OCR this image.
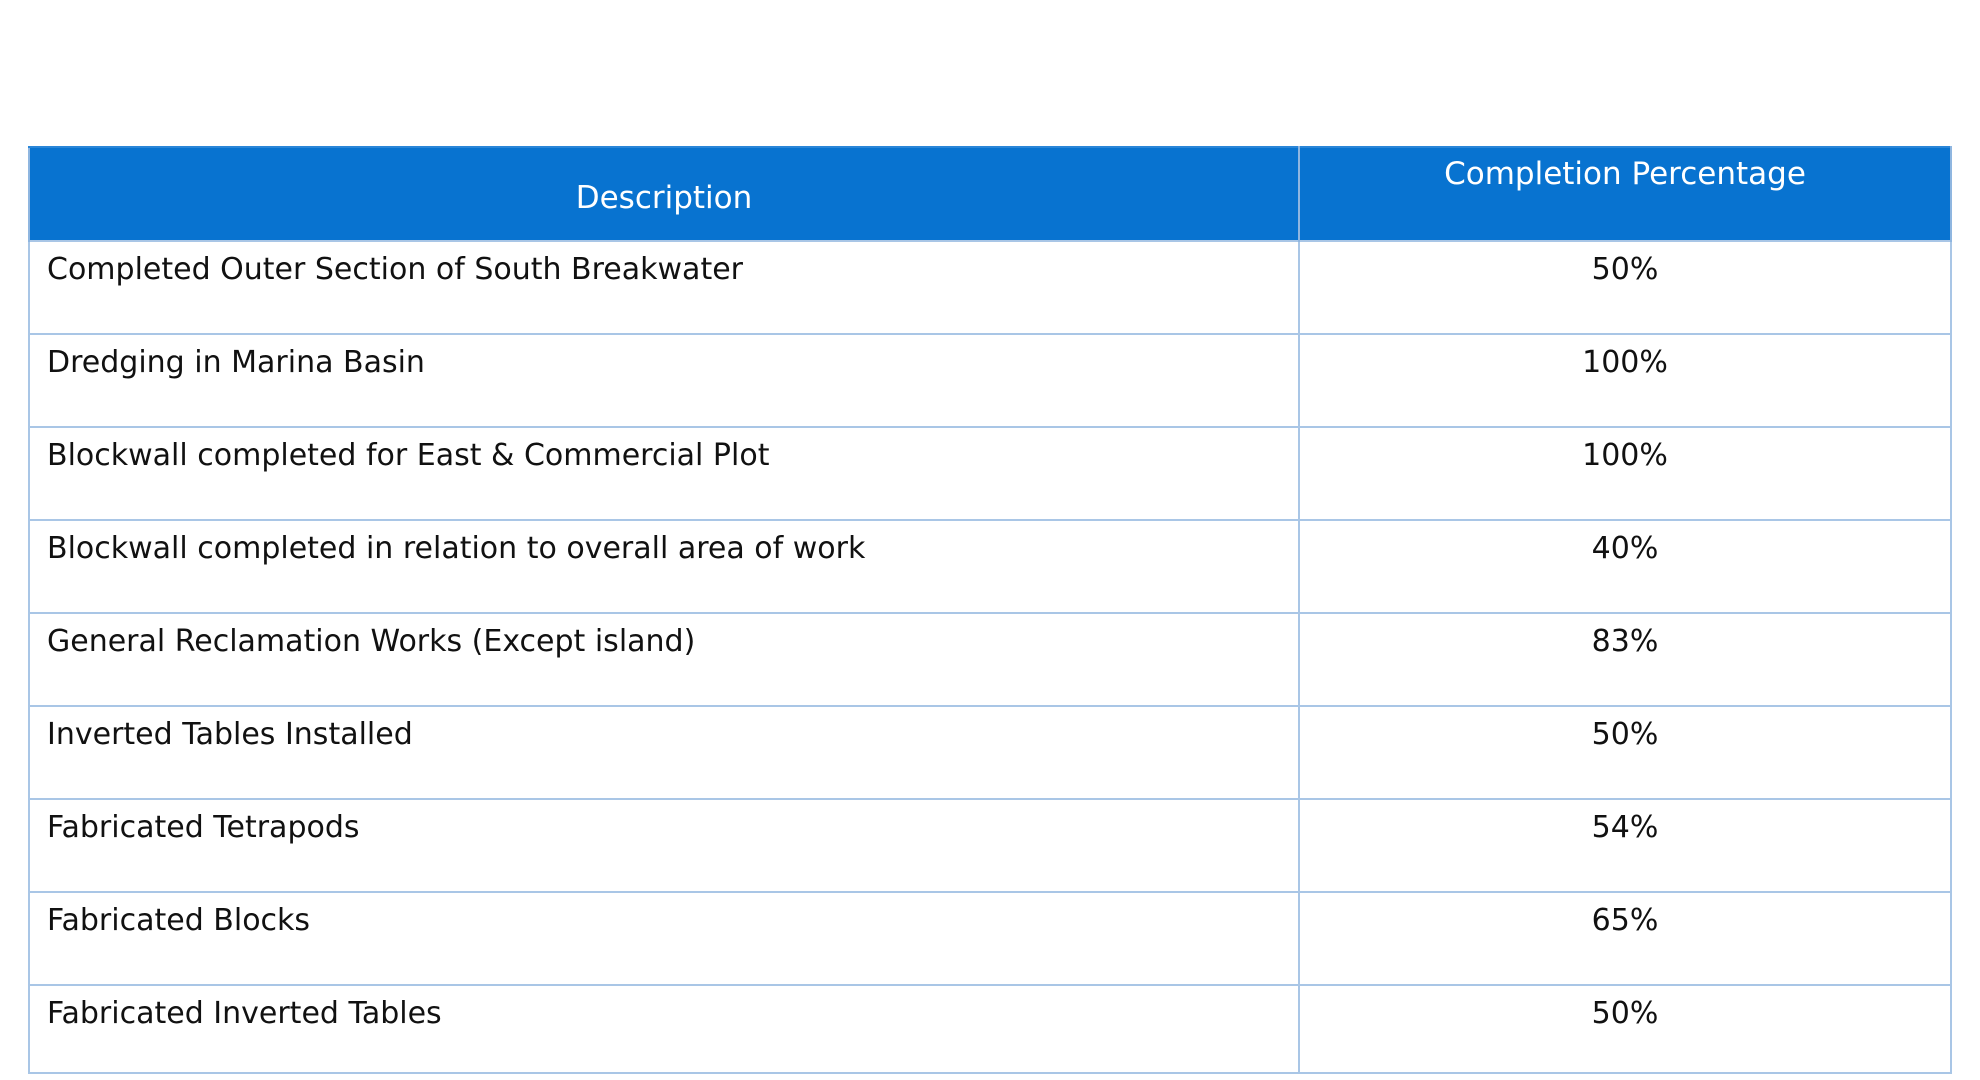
Description	Completion Percentage
Completed Outer Section of South Breakwater	50%
Dredging in Marina Basin	100%
Blockwall completed for East & Commercial Plot	100%
Blockwall completed in relation to overall area of work	40%
General Reclamation Works (Except island)	83%
Inverted Tables Installed	50%
Fabricated Tetrapods	54%
Fabricated Blocks	65%
Fabricated Inverted Tables	50%
